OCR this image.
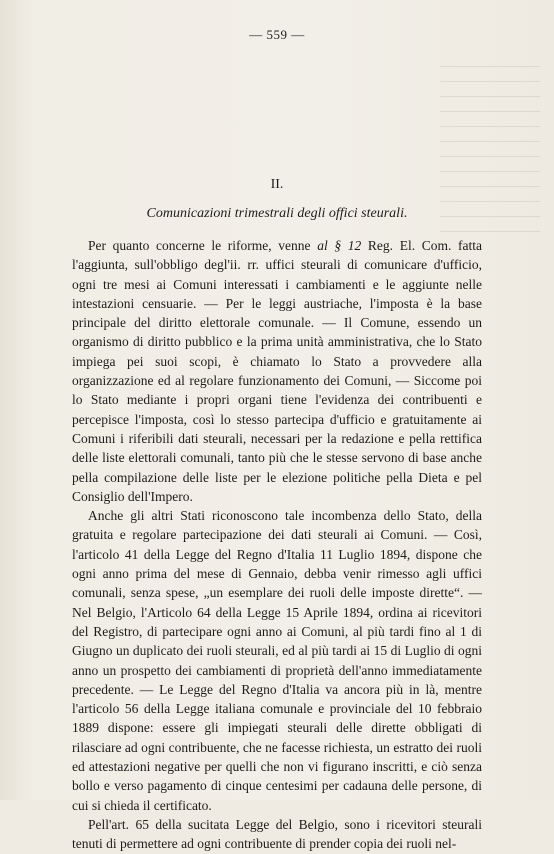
— 559 —
II.
Comunicazioni trimestrali degli offici steurali.

Per quanto concerne le riforme, venne al § 12 Reg. El. Com. fatta l'aggiunta, sull'obbligo degl'ii. rr. uffici steurali di comunicare d'ufficio, ogni tre mesi ai Comuni interessati i cambiamenti e le aggiunte nelle intestazioni censuarie. — Per le leggi austriache, l'imposta è la base principale del diritto elettorale comunale. — Il Comune, essendo un organismo di diritto pubblico e la prima unità amministrativa, che lo Stato impiega pei suoi scopi, è chiamato lo Stato a provvedere alla organizzazione ed al regolare funzionamento dei Comuni, — Siccome poi lo Stato mediante i propri organi tiene l'evidenza dei contribuenti e percepisce l'imposta, così lo stesso partecipa d'ufficio e gratuitamente ai Comuni i riferibili dati steurali, necessari per la redazione e pella rettifica delle liste elettorali comunali, tanto più che le stesse servono di base anche pella compilazione delle liste per le elezione politiche pella Dieta e pel Consiglio dell'Impero.

Anche gli altri Stati riconoscono tale incombenza dello Stato, della gratuita e regolare partecipazione dei dati steurali ai Comuni. — Così, l'articolo 41 della Legge del Regno d'Italia 11 Luglio 1894, dispone che ogni anno prima del mese di Gennaio, debba venir rimesso agli uffici comunali, senza spese, „un esemplare dei ruoli delle imposte dirette“. — Nel Belgio, l'Articolo 64 della Legge 15 Aprile 1894, ordina ai ricevitori del Registro, di partecipare ogni anno ai Comuni, al più tardi fino al 1 di Giugno un duplicato dei ruoli steurali, ed al più tardi ai 15 di Luglio di ogni anno un prospetto dei cambiamenti di proprietà dell'anno immediatamente precedente. — Le Legge del Regno d'Italia va ancora più in là, mentre l'articolo 56 della Legge italiana comunale e provinciale del 10 febbraio 1889 dispone: essere gli impiegati steurali delle dirette obbligati di rilasciare ad ogni contribuente, che ne facesse richiesta, un estratto dei ruoli ed attestazioni negative per quelli che non vi figurano inscritti, e ciò senza bollo e verso pagamento di cinque centesimi per cadauna delle persone, di cui si chieda il certificato.

Pell'art. 65 della sucitata Legge del Belgio, sono i ricevitori steurali tenuti di permettere ad ogni contribuente di prender copia dei ruoli nel-
